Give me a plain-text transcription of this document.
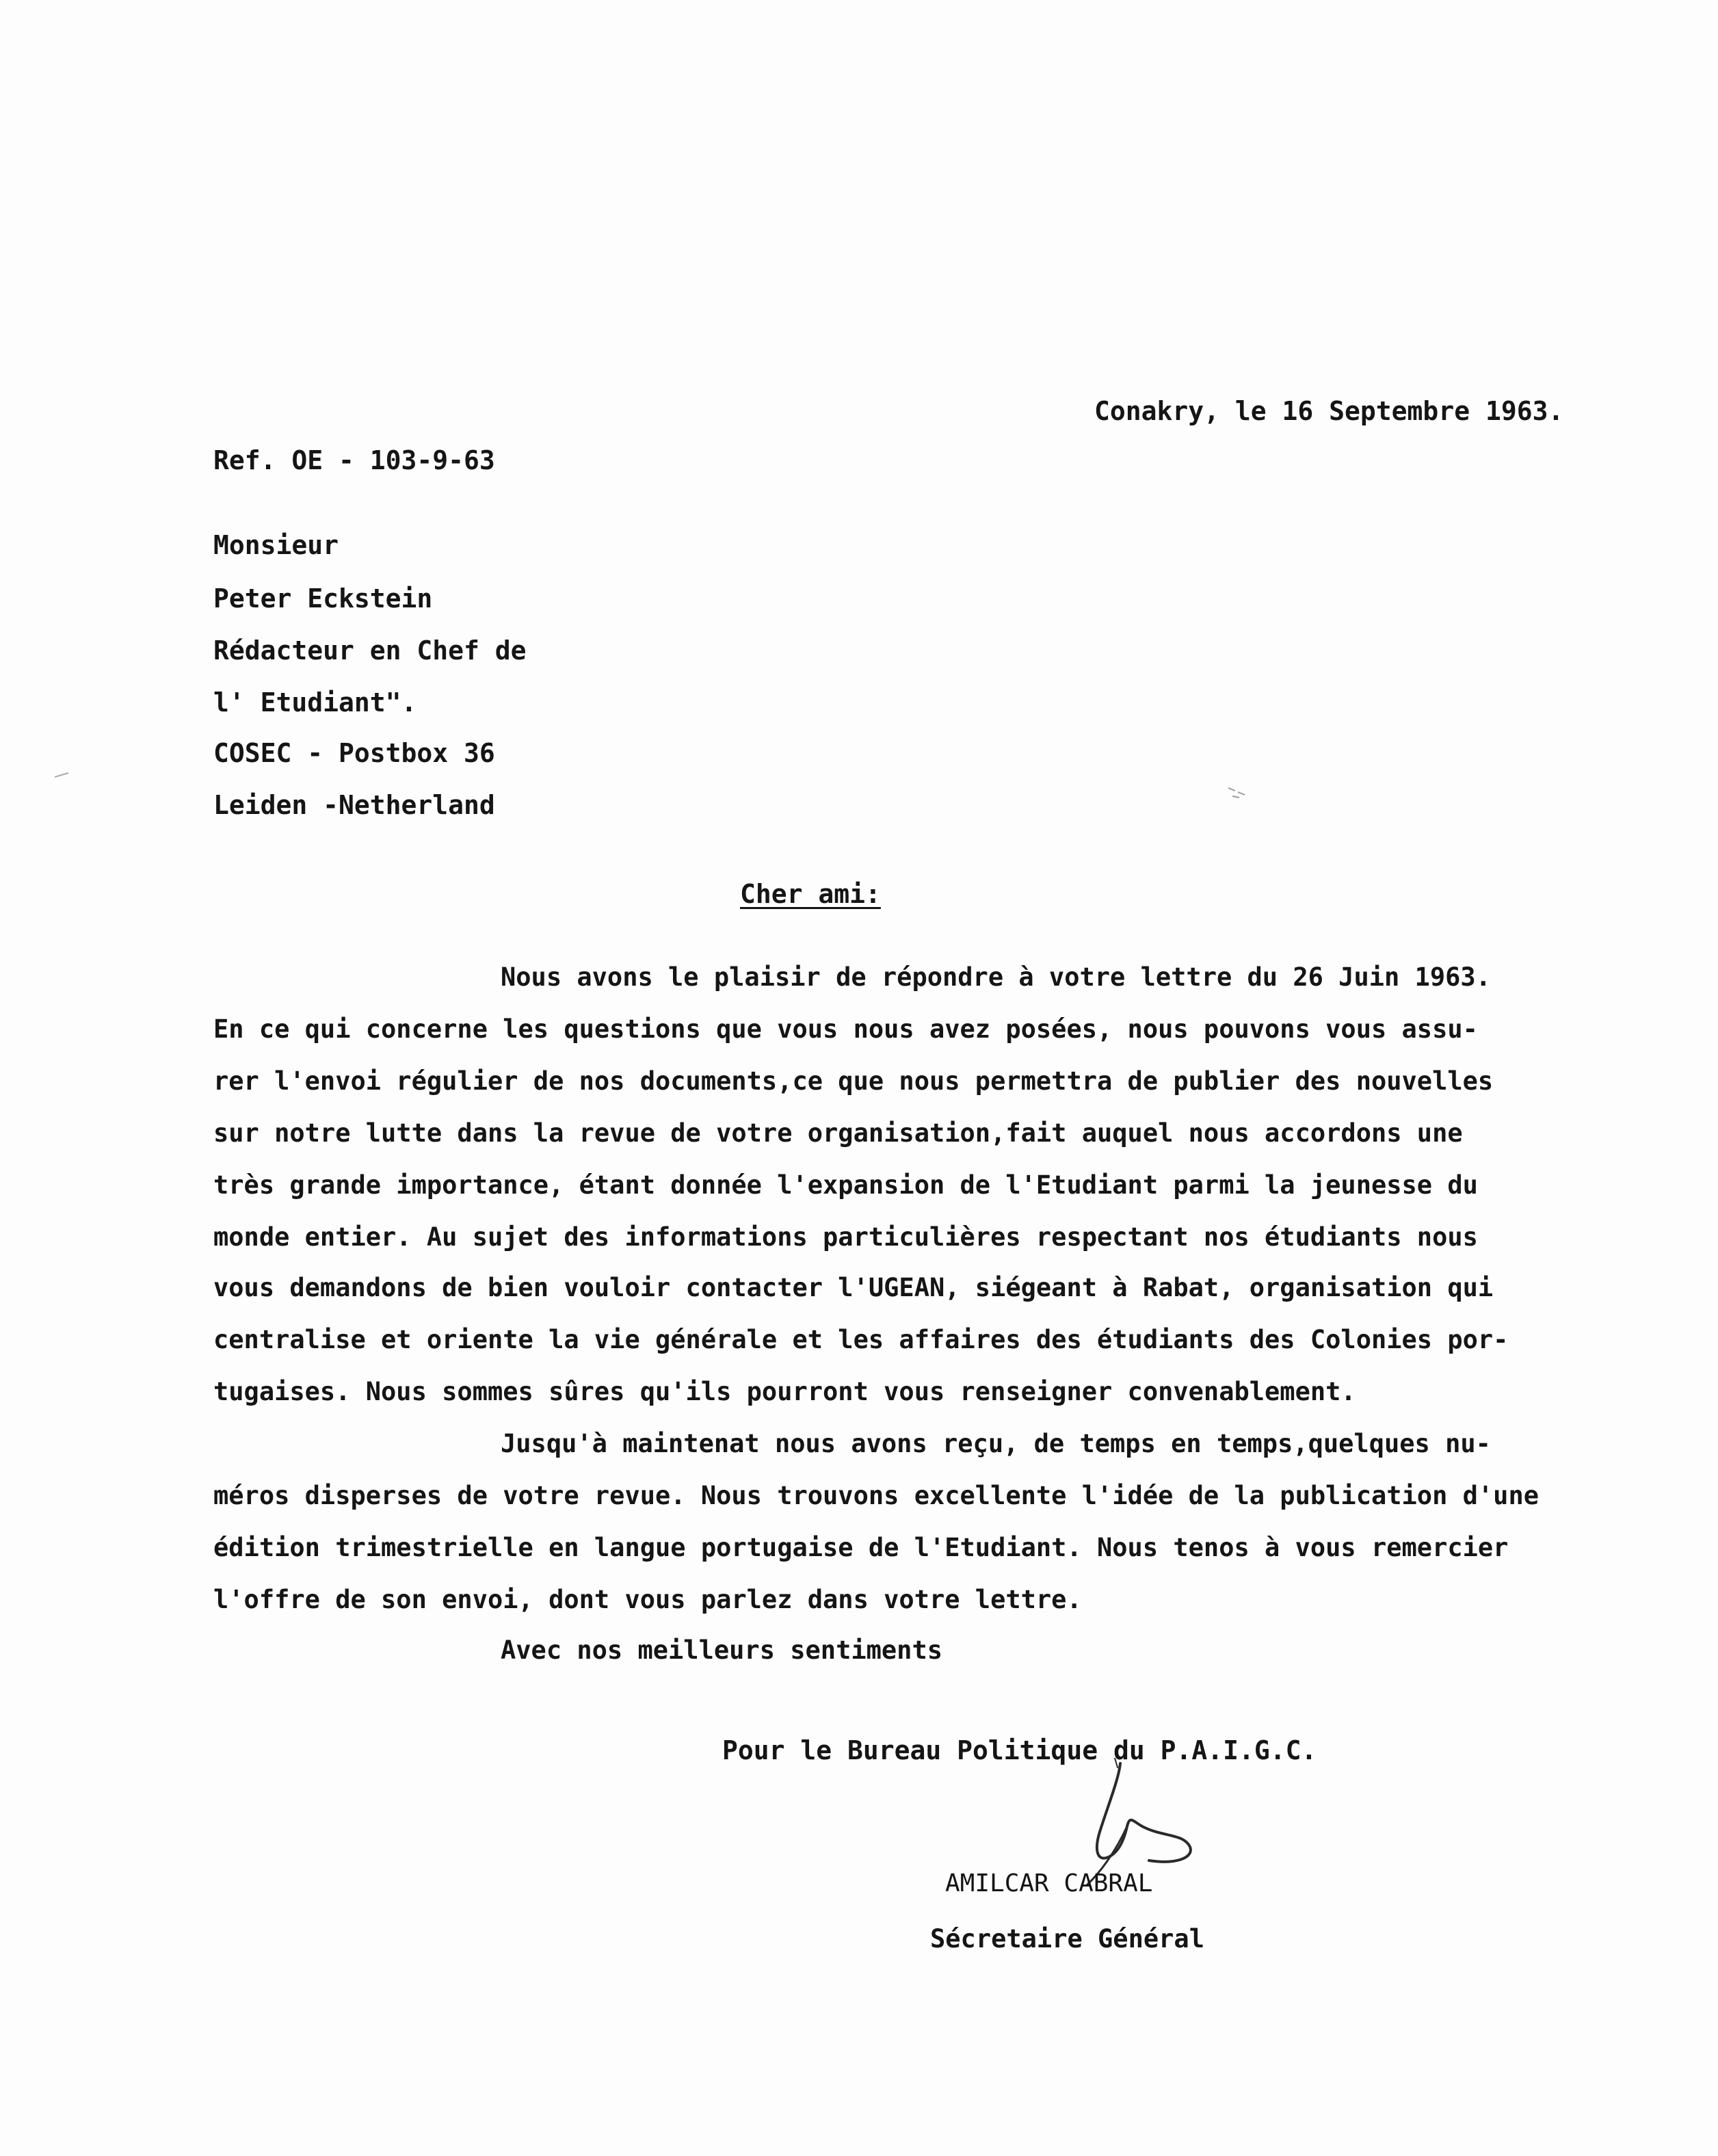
Conakry, le 16 Septembre 1963.
Ref. OE - 103-9-63
Monsieur
Peter Eckstein
Rédacteur en Chef de
l' Etudiant".
COSEC - Postbox 36
Leiden -Netherland
Cher ami:
Nous avons le plaisir de répondre à votre lettre du 26 Juin 1963.
En ce qui concerne les questions que vous nous avez posées, nous pouvons vous assu-
rer l'envoi régulier de nos documents,ce que nous permettra de publier des nouvelles
sur notre lutte dans la revue de votre organisation,fait auquel nous accordons une
très grande importance, étant donnée l'expansion de l'Etudiant parmi la jeunesse du
monde entier. Au sujet des informations particulières respectant nos étudiants nous
vous demandons de bien vouloir contacter l'UGEAN, siégeant à Rabat, organisation qui
centralise et oriente la vie générale et les affaires des étudiants des Colonies por-
tugaises. Nous sommes sûres qu'ils pourront vous renseigner convenablement.
Jusqu'à maintenat nous avons reçu, de temps en temps,quelques nu-
méros disperses de votre revue. Nous trouvons excellente l'idée de la publication d'une
édition trimestrielle en langue portugaise de l'Etudiant. Nous tenos à vous remercier
l'offre de son envoi, dont vous parlez dans votre lettre.
Avec nos meilleurs sentiments
Pour le Bureau Politique du P.A.I.G.C.
AMILCAR CABRAL
Sécretaire Général
